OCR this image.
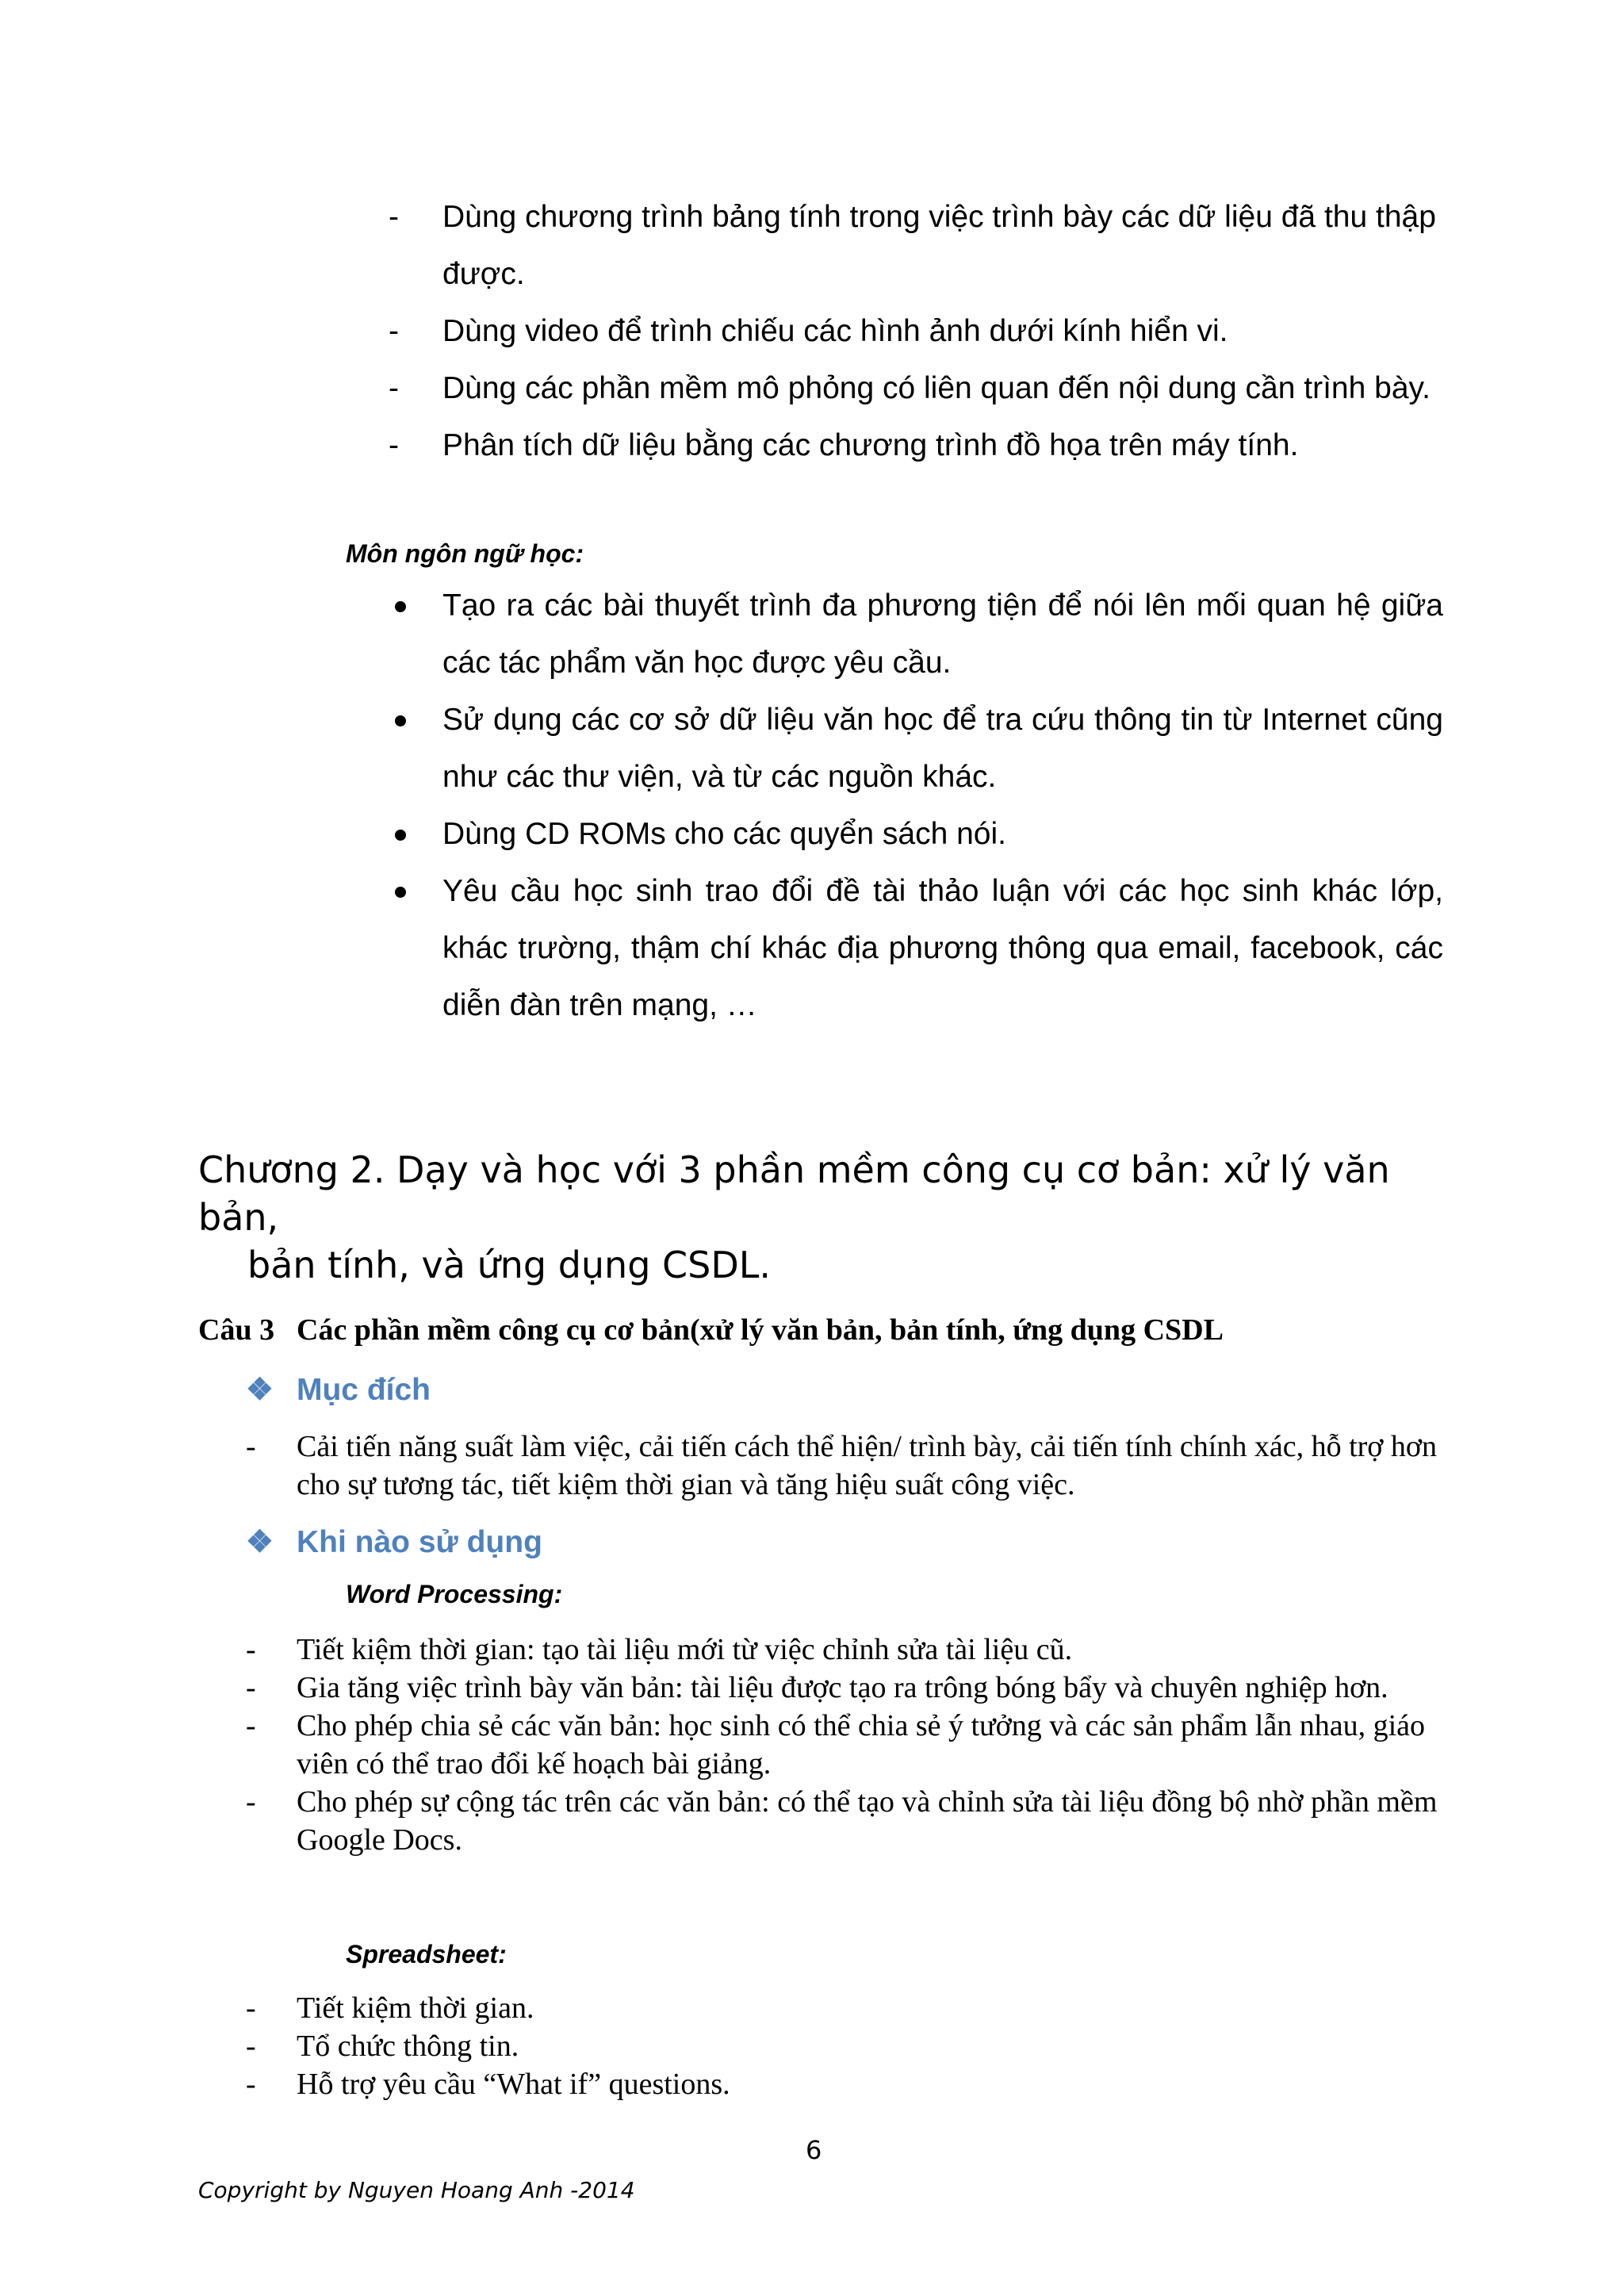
- Dùng chương trình bảng tính trong việc trình bày các dữ liệu đã thu thập được.
- Dùng video để trình chiếu các hình ảnh dưới kính hiển vi.
- Dùng các phần mềm mô phỏng có liên quan đến nội dung cần trình bày.
- Phân tích dữ liệu bằng các chương trình đồ họa trên máy tính.
Môn ngôn ngữ học:
Tạo ra các bài thuyết trình đa phương tiện để nói lên mối quan hệ giữa các tác phẩm văn học được yêu cầu.
Sử dụng các cơ sở dữ liệu văn học để tra cứu thông tin từ Internet cũng như các thư viện, và từ các nguồn khác.
Dùng CD ROMs cho các quyển sách nói.
Yêu cầu học sinh trao đổi đề tài thảo luận với các học sinh khác lớp, khác trường, thậm chí khác địa phương thông qua email, facebook, các diễn đàn trên mạng, …
Chương 2. Dạy và học với 3 phần mềm công cụ cơ bản: xử lý văn bản,
bản tính, và ứng dụng CSDL.
Câu 3 Các phần mềm công cụ cơ bản(xử lý văn bản, bản tính, ứng dụng CSDL
❖ Mục đích
- Cải tiến năng suất làm việc, cải tiến cách thể hiện/ trình bày, cải tiến tính chính xác, hỗ trợ hơn cho sự tương tác, tiết kiệm thời gian và tăng hiệu suất công việc.
❖ Khi nào sử dụng
Word Processing:
- Tiết kiệm thời gian: tạo tài liệu mới từ việc chỉnh sửa tài liệu cũ.
- Gia tăng việc trình bày văn bản: tài liệu được tạo ra trông bóng bẩy và chuyên nghiệp hơn.
- Cho phép chia sẻ các văn bản: học sinh có thể chia sẻ ý tưởng và các sản phẩm lẫn nhau, giáo viên có thể trao đổi kế hoạch bài giảng.
- Cho phép sự cộng tác trên các văn bản: có thể tạo và chỉnh sửa tài liệu đồng bộ nhờ phần mềm Google Docs.
Spreadsheet:
- Tiết kiệm thời gian.
- Tổ chức thông tin.
- Hỗ trợ yêu cầu “What if” questions.
6
Copyright by Nguyen Hoang Anh -2014
